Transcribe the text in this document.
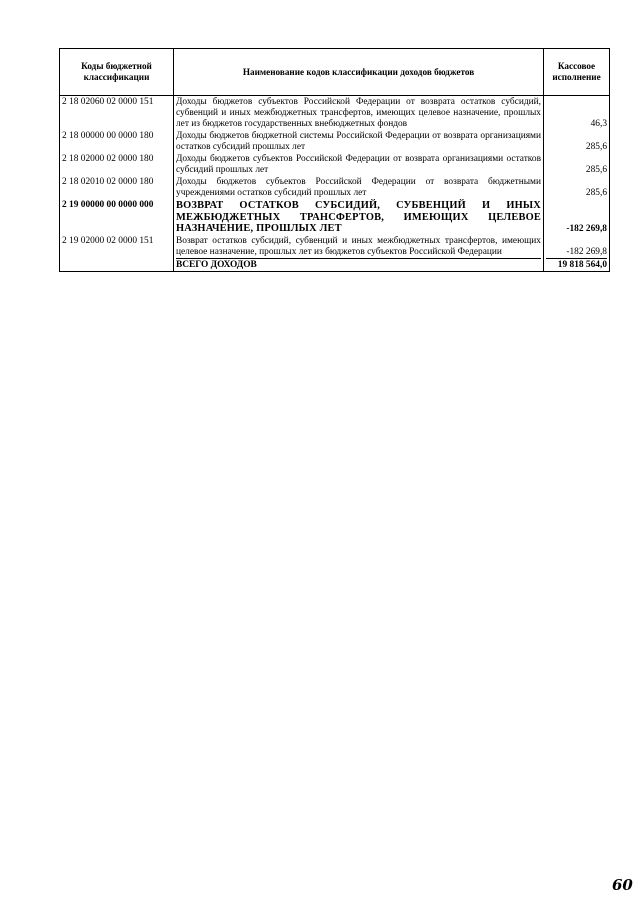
Коды бюджетной классификации	Наименование кодов классификации доходов бюджетов	Кассовое исполнение
2 18 02060 02 0000 151	Доходы бюджетов субъектов Российской Федерации от возврата остатков субсидий, субвенций и иных межбюджетных трансфертов, имеющих целевое назначение, прошлых лет из бюджетов государственных внебюджетных фондов	46,3
2 18 00000 00 0000 180	Доходы бюджетов бюджетной системы Российской Федерации от возврата организациями остатков субсидий прошлых лет	285,6
2 18 02000 02 0000 180	Доходы бюджетов субъектов Российской Федерации от возврата организациями остатков субсидий прошлых лет	285,6
2 18 02010 02 0000 180	Доходы бюджетов субъектов Российской Федерации от возврата бюджетными учреждениями остатков субсидий прошлых лет	285,6
2 19 00000 00 0000 000	ВОЗВРАТ ОСТАТКОВ СУБСИДИЙ, СУБВЕНЦИЙ И ИНЫХ МЕЖБЮДЖЕТНЫХ ТРАНСФЕРТОВ, ИМЕЮЩИХ ЦЕЛЕВОЕ НАЗНАЧЕНИЕ, ПРОШЛЫХ ЛЕТ	-182 269,8
2 19 02000 02 0000 151	Возврат остатков субсидий, субвенций и иных межбюджетных трансфертов, имеющих целевое назначение, прошлых лет из бюджетов субъектов Российской Федерации	-182 269,8

	ВСЕГО ДОХОДОВ	19 818 564,0
60
